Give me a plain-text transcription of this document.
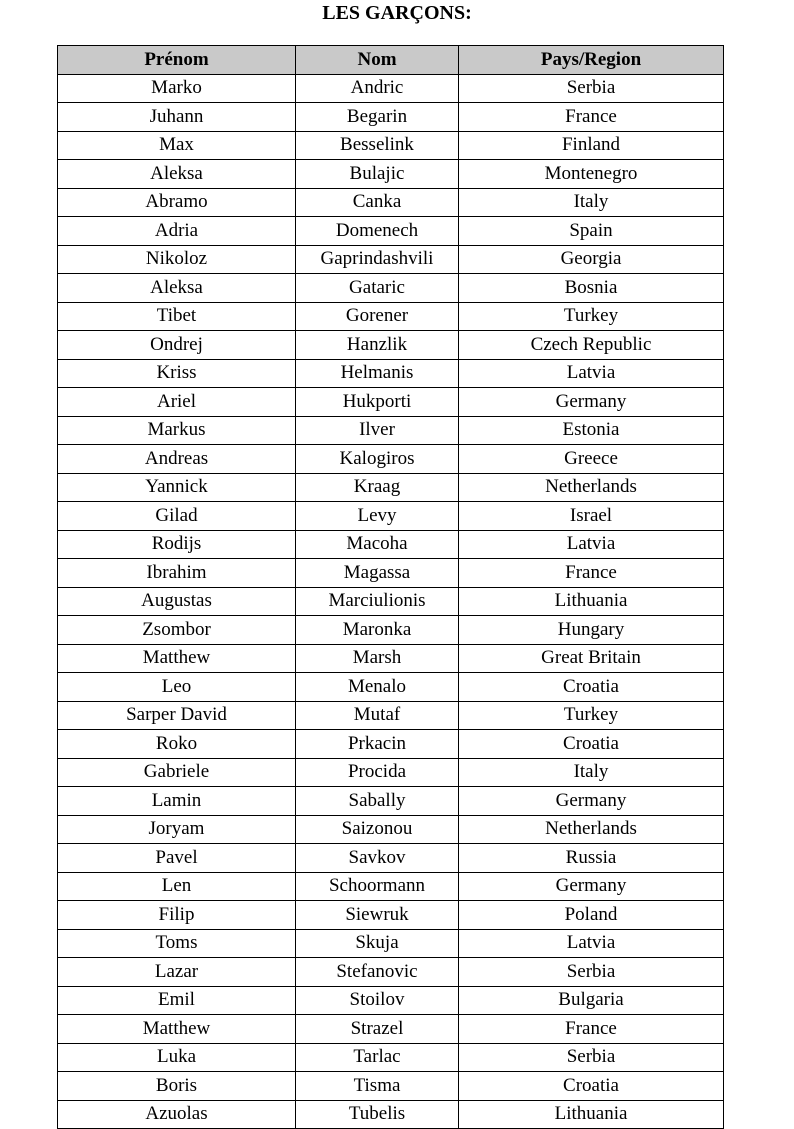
LES GARÇONS:
Prénom	Nom	Pays/Region
Marko	Andric	Serbia
Juhann	Begarin	France
Max	Besselink	Finland
Aleksa	Bulajic	Montenegro
Abramo	Canka	Italy
Adria	Domenech	Spain
Nikoloz	Gaprindashvili	Georgia
Aleksa	Gataric	Bosnia
Tibet	Gorener	Turkey
Ondrej	Hanzlik	Czech Republic
Kriss	Helmanis	Latvia
Ariel	Hukporti	Germany
Markus	Ilver	Estonia
Andreas	Kalogiros	Greece
Yannick	Kraag	Netherlands
Gilad	Levy	Israel
Rodijs	Macoha	Latvia
Ibrahim	Magassa	France
Augustas	Marciulionis	Lithuania
Zsombor	Maronka	Hungary
Matthew	Marsh	Great Britain
Leo	Menalo	Croatia
Sarper David	Mutaf	Turkey
Roko	Prkacin	Croatia
Gabriele	Procida	Italy
Lamin	Sabally	Germany
Joryam	Saizonou	Netherlands
Pavel	Savkov	Russia
Len	Schoormann	Germany
Filip	Siewruk	Poland
Toms	Skuja	Latvia
Lazar	Stefanovic	Serbia
Emil	Stoilov	Bulgaria
Matthew	Strazel	France
Luka	Tarlac	Serbia
Boris	Tisma	Croatia
Azuolas	Tubelis	Lithuania
